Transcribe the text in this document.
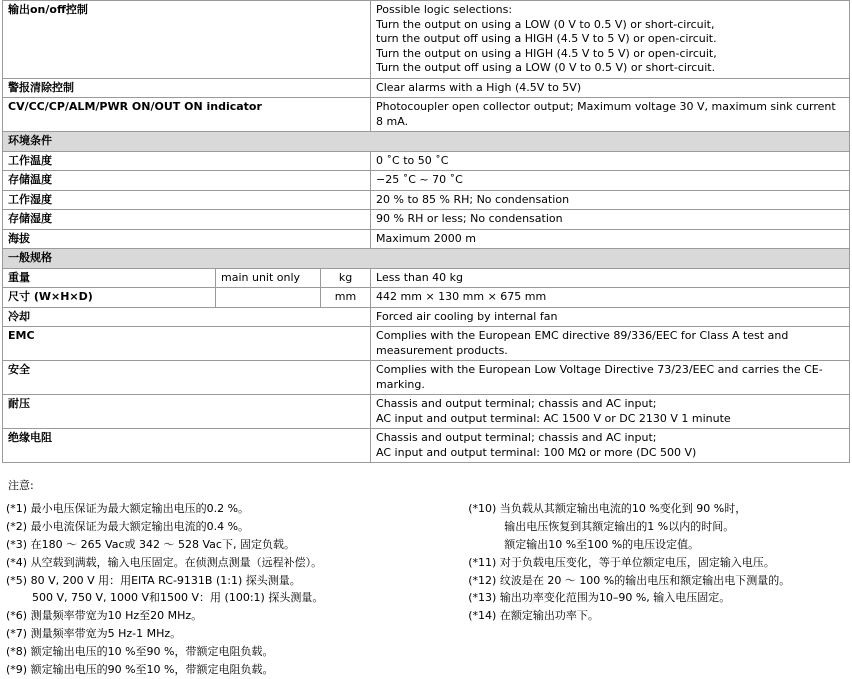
输出on/off控制			Possible logic selections:
Turn the output on using a LOW (0 V to 0.5 V) or short-circuit,
turn the output off using a HIGH (4.5 V to 5 V) or open-circuit.
Turn the output on using a HIGH (4.5 V to 5 V) or open-circuit,
Turn the output off using a LOW (0 V to 0.5 V) or short-circuit.

警报清除控制			Clear alarms with a High (4.5V to 5V)

CV/CC/CP/ALM/PWR ON/OUT ON indicator			Photocoupler open collector output; Maximum voltage 30 V, maximum sink current 8 mA.

环境条件			
工作温度			0 ˚C to 50 ˚C
存储温度			−25 ˚C ~ 70 ˚C
工作湿度			20 % to 85 % RH; No condensation
存储湿度			90 % RH or less; No condensation
海拔			Maximum 2000 m
一般规格			
重量	main unit only	kg	Less than 40 kg
尺寸 (W×H×D)		mm	442 mm × 130 mm × 675 mm
冷却			Forced air cooling by internal fan
EMC			Complies with the European EMC directive 89/336/EEC for Class A test and measurement products.
安全			Complies with the European Low Voltage Directive 73/23/EEC and carries the CE-marking.
耐压			Chassis and output terminal; chassis and AC input;
AC input and output terminal: AC 1500 V or DC 2130 V 1 minute

绝缘电阻			Chassis and output terminal; chassis and AC input;
AC input and output terminal: 100 MΩ or more (DC 500 V)
注意:
(*1) 最小电压保证为最大额定输出电压的0.2 %。
(*2) 最小电流保证为最大额定输出电流的0.4 %。
(*3) 在180 ～ 265 Vac或 342 ～ 528 Vac下, 固定负载。
(*4) 从空载到满载，输入电压固定。在侦测点测量（远程补偿）。
(*5) 80 V, 200 V 用：用EITA RC-9131B (1:1) 探头测量。
500 V, 750 V, 1000 V和1500 V：用 (100:1) 探头测量。
(*6) 测量频率带宽为10 Hz至20 MHz。
(*7) 测量频率带宽为5 Hz-1 MHz。
(*8) 额定输出电压的10 %至90 %，带额定电阻负载。
(*9) 额定输出电压的90 %至10 %，带额定电阻负载。
(*10) 当负载从其额定输出电流的10 %变化到 90 %时，
输出电压恢复到其额定输出的1 %以内的时间。
额定输出10 %至100 %的电压设定值。
(*11) 对于负载电压变化，等于单位额定电压，固定输入电压。
(*12) 纹波是在 20 ～ 100 %的输出电压和额定输出电下测量的。
(*13) 输出功率变化范围为10–90 %, 输入电压固定。
(*14) 在额定输出功率下。
